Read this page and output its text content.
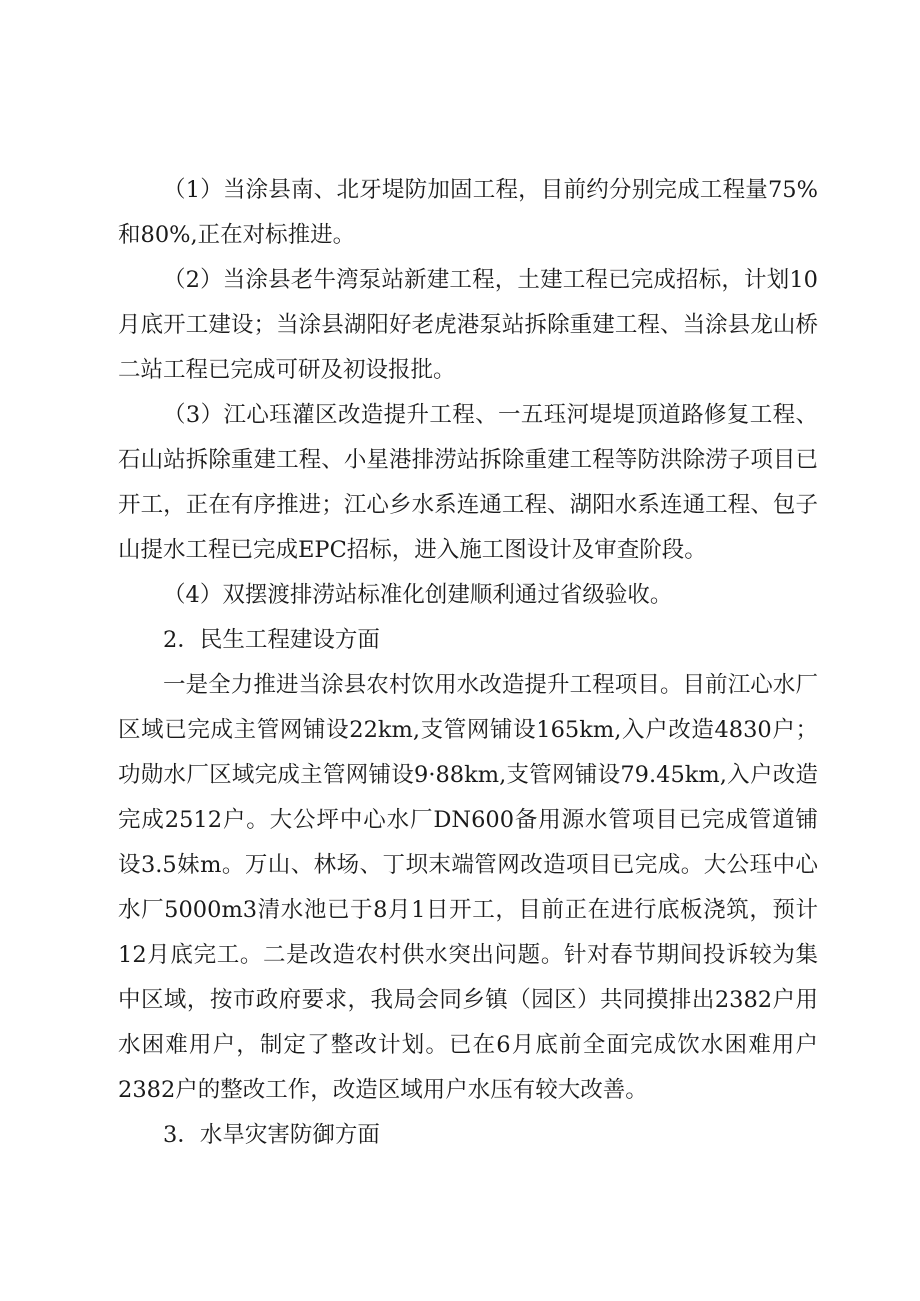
（1）当涂县南、北牙堤防加固工程，目前约分别完成工程量75%和80%,正在对标推进。

（2）当涂县老牛湾泵站新建工程，土建工程已完成招标，计划10月底开工建设；当涂县湖阳好老虎港泵站拆除重建工程、当涂县龙山桥二站工程已完成可研及初设报批。

（3）江心珏灌区改造提升工程、一五珏河堤堤顶道路修复工程、石山站拆除重建工程、小星港排涝站拆除重建工程等防洪除涝子项目已开工，正在有序推进；江心乡水系连通工程、湖阳水系连通工程、包子山提水工程已完成EPC招标，进入施工图设计及审查阶段。

（4）双摆渡排涝站标准化创建顺利通过省级验收。

2．民生工程建设方面

一是全力推进当涂县农村饮用水改造提升工程项目。目前江心水厂区域已完成主管网铺设22km,支管网铺设165km,入户改造4830户；功勋水厂区域完成主管网铺设9·88km,支管网铺设79.45km,入户改造完成2512户。大公坪中心水厂DN600备用源水管项目已完成管道铺设3.5妹m。万山、林场、丁坝末端管网改造项目已完成。大公珏中心水厂5000m3清水池已于8月1日开工，目前正在进行底板浇筑，预计12月底完工。二是改造农村供水突出问题。针对春节期间投诉较为集中区域，按市政府要求，我局会同乡镇（园区）共同摸排出2382户用水困难用户，制定了整改计划。已在6月底前全面完成饮水困难用户2382户的整改工作，改造区域用户水压有较大改善。

3．水旱灾害防御方面
